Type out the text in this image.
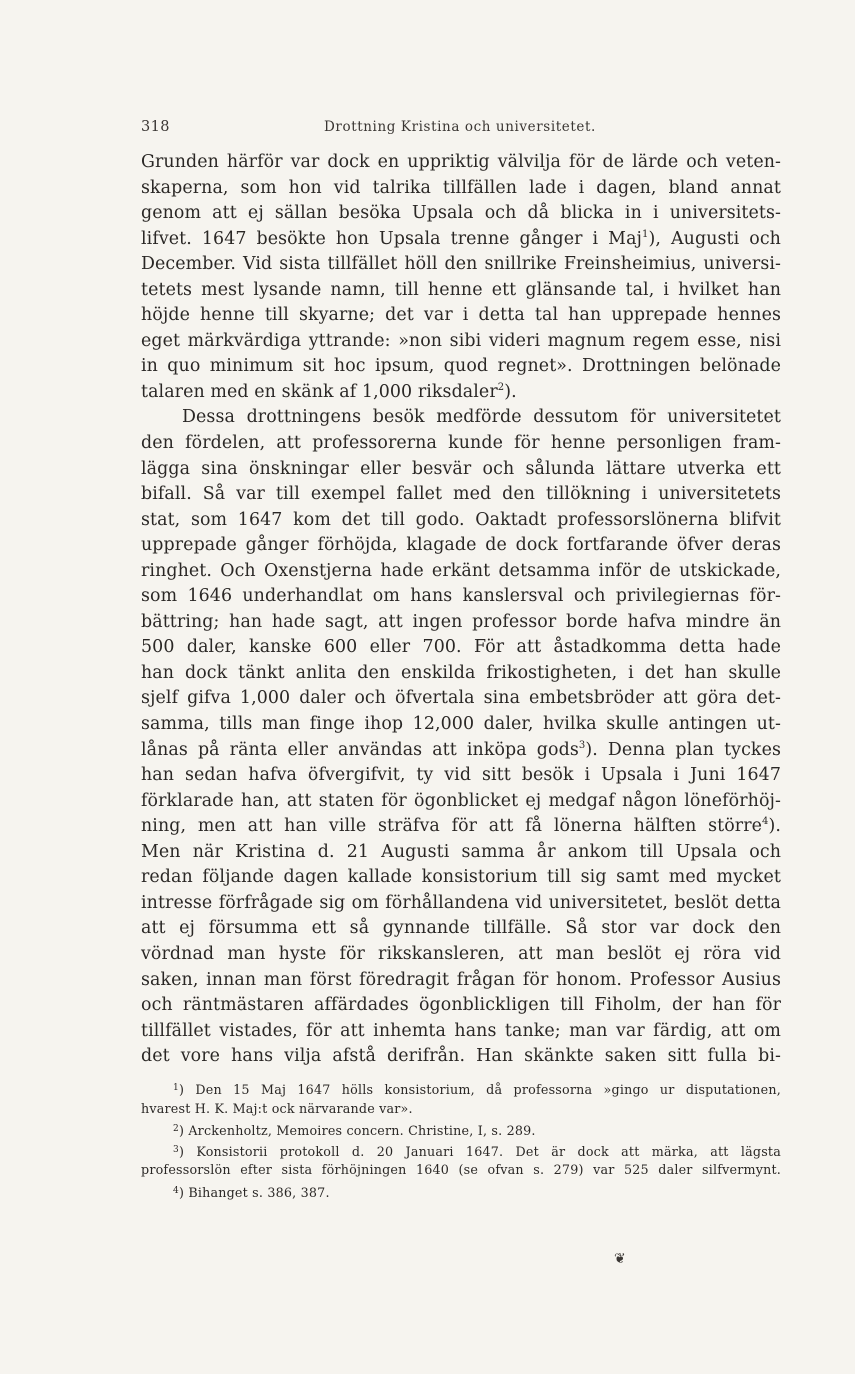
318	Drottning Kristina och universitetet.
Grunden härför var dock en uppriktig välvilja för de lärde och veten-
skaperna, som hon vid talrika tillfällen lade i dagen, bland annat
genom att ej sällan besöka Upsala och då blicka in i universitets-
lifvet. 1647 besökte hon Upsala trenne gånger i Maj$^1$), Augusti och
December. Vid sista tillfället höll den snillrike Freinsheimius, universi-
tetets mest lysande namn, till henne ett glänsande tal, i hvilket han
höjde henne till skyarne; det var i detta tal han upprepade hennes
eget märkvärdiga yttrande: »non sibi videri magnum regem esse, nisi
in quo minimum sit hoc ipsum, quod regnet». Drottningen belönade
talaren med en skänk af 1,000 riksdaler$^2$).
Dessa drottningens besök medförde dessutom för universitetet
den fördelen, att professorerna kunde för henne personligen fram-
lägga sina önskningar eller besvär och sålunda lättare utverka ett
bifall. Så var till exempel fallet med den tillökning i universitetets
stat, som 1647 kom det till godo. Oaktadt professorslönerna blifvit
upprepade gånger förhöjda, klagade de dock fortfarande öfver deras
ringhet. Och Oxenstjerna hade erkänt detsamma inför de utskickade,
som 1646 underhandlat om hans kanslersval och privilegiernas för-
bättring; han hade sagt, att ingen professor borde hafva mindre än
500 daler, kanske 600 eller 700. För att åstadkomma detta hade
han dock tänkt anlita den enskilda frikostigheten, i det han skulle
sjelf gifva 1,000 daler och öfvertala sina embetsbröder att göra det-
samma, tills man finge ihop 12,000 daler, hvilka skulle antingen ut-
lånas på ränta eller användas att inköpa gods$^3$). Denna plan tyckes
han sedan hafva öfvergifvit, ty vid sitt besök i Upsala i Juni 1647
förklarade han, att staten för ögonblicket ej medgaf någon löneförhöj-
ning, men att han ville sträfva för att få lönerna hälften större$^4$).
Men när Kristina d. 21 Augusti samma år ankom till Upsala och
redan följande dagen kallade konsistorium till sig samt med mycket
intresse förfrågade sig om förhållandena vid universitetet, beslöt detta
att ej försumma ett så gynnande tillfälle. Så stor var dock den
vördnad man hyste för rikskansleren, att man beslöt ej röra vid
saken, innan man först föredragit frågan för honom. Professor Ausius
och räntmästaren affärdades ögonblickligen till Fiholm, der han för
tillfället vistades, för att inhemta hans tanke; man var färdig, att om
det vore hans vilja afstå derifrån. Han skänkte saken sitt fulla bi-
$^1$) Den 15 Maj 1647 hölls konsistorium, då professorna »gingo ur disputationen,
hvarest H. K. Maj:t ock närvarande var».
$^2$) Arckenholtz, Memoires concern. Christine, I, s. 289.
$^3$) Konsistorii protokoll d. 20 Januari 1647. Det är dock att märka, att lägsta
professorslön efter sista förhöjningen 1640 (se ofvan s. 279) var 525 daler silfvermynt.
$^4$) Bihanget s. 386, 387.
❦
